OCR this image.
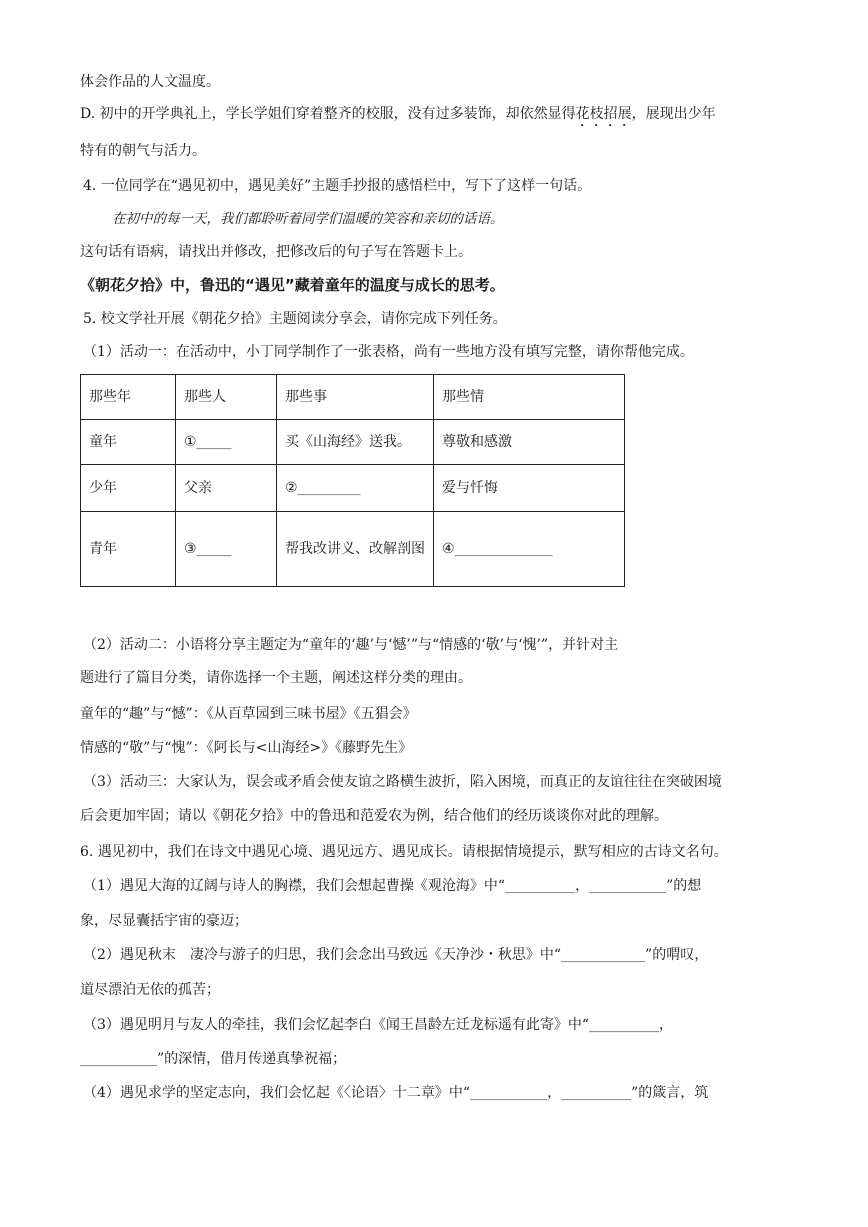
体会作品的人文温度。
D. 初中的开学典礼上，学长学姐们穿着整齐的校服，没有过多装饰，却依然显得花枝招展，展现出少年
特有的朝气与活力。
4. 一位同学在“遇见初中，遇见美好”主题手抄报的感悟栏中，写下了这样一句话。
在初中的每一天，我们都聆听着同学们温暖的笑容和亲切的话语。
这句话有语病，请找出并修改，把修改后的句子写在答题卡上。
《朝花夕拾》中，鲁迅的“遇见”藏着童年的温度与成长的思考。
5. 校文学社开展《朝花夕拾》主题阅读分享会，请你完成下列任务。
（1）活动一：在活动中，小丁同学制作了一张表格，尚有一些地方没有填写完整，请你帮他完成。
那些年	那些人	那些事	那些情
童年	①_____	买《山海经》送我。	尊敬和感激
少年	父亲	②_________	爱与忏悔
青年	③_____	帮我改讲义、改解剖图	④______________
（2）活动二：小语将分享主题定为“童年的‘趣’与‘憾’”与“情感的‘敬’与‘愧’”，并针对主
题进行了篇目分类，请你选择一个主题，阐述这样分类的理由。
童年的“趣”与“憾”：《从百草园到三味书屋》《五猖会》
情感的“敬”与“愧”：《阿长与<山海经>》《藤野先生》
（3）活动三：大家认为，误会或矛盾会使友谊之路横生波折，陷入困境，而真正的友谊往往在突破困境
后会更加牢固；请以《朝花夕拾》中的鲁迅和范爱农为例，结合他们的经历谈谈你对此的理解。
6. 遇见初中，我们在诗文中遇见心境、遇见远方、遇见成长。请根据情境提示，默写相应的古诗文名句。
（1）遇见大海的辽阔与诗人的胸襟，我们会想起曹操《观沧海》中“__________，___________”的想
象，尽显囊括宇宙的豪迈；
（2）遇见秋末　凄冷与游子的归思，我们会念出马致远《天净沙・秋思》中“____________”的喟叹，
道尽漂泊无依的孤苦；
（3）遇见明月与友人的牵挂，我们会忆起李白《闻王昌龄左迁龙标遥有此寄》中“__________，
___________”的深情，借月传递真挚祝福；
（4）遇见求学的坚定志向，我们会忆起《〈论语〉十二章》中“___________，__________”的箴言，筑
